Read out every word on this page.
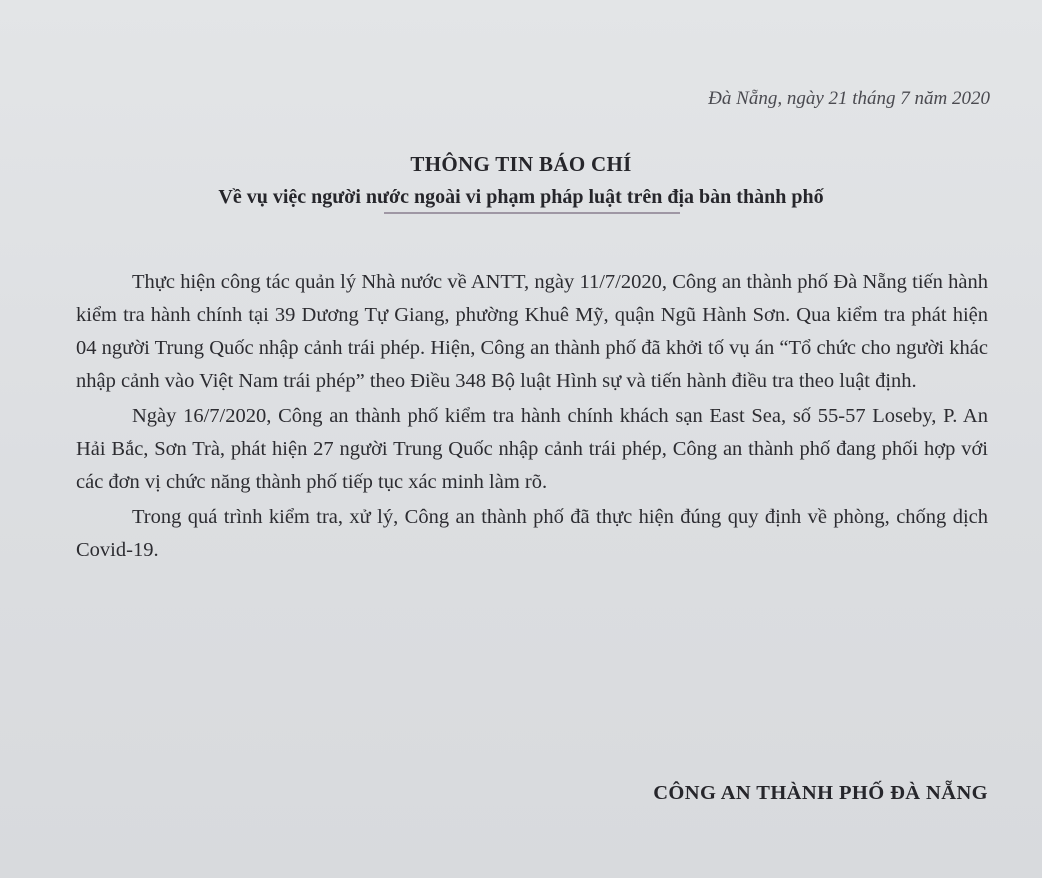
Đà Nẵng, ngày 21 tháng 7 năm 2020
THÔNG TIN BÁO CHÍ
Về vụ việc người nước ngoài vi phạm pháp luật trên địa bàn thành phố

Thực hiện công tác quản lý Nhà nước về ANTT, ngày 11/7/2020, Công an thành phố Đà Nẵng tiến hành kiểm tra hành chính tại 39 Dương Tự Giang, phường Khuê Mỹ, quận Ngũ Hành Sơn. Qua kiểm tra phát hiện 04 người Trung Quốc nhập cảnh trái phép. Hiện, Công an thành phố đã khởi tố vụ án “Tổ chức cho người khác nhập cảnh vào Việt Nam trái phép” theo Điều 348 Bộ luật Hình sự và tiến hành điều tra theo luật định.

Ngày 16/7/2020, Công an thành phố kiểm tra hành chính khách sạn East Sea, số 55-57 Loseby, P. An Hải Bắc, Sơn Trà, phát hiện 27 người Trung Quốc nhập cảnh trái phép, Công an thành phố đang phối hợp với các đơn vị chức năng thành phố tiếp tục xác minh làm rõ.

Trong quá trình kiểm tra, xử lý, Công an thành phố đã thực hiện đúng quy định về phòng, chống dịch Covid-19.

CÔNG AN THÀNH PHỐ ĐÀ NẴNG
